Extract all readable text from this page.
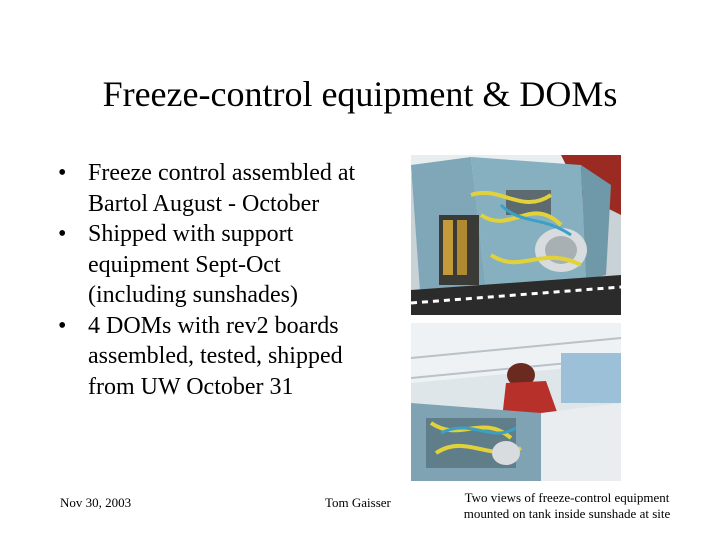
Freeze-control equipment & DOMs
• Freeze control assembled at Bartol August - October
• Shipped with support equipment Sept-Oct (including sunshades)
• 4 DOMs with rev2 boards assembled, tested, shipped from UW October 31
Nov 30, 2003	Tom Gaisser	Two views of freeze-control equipment
mounted on tank inside sunshade at site
